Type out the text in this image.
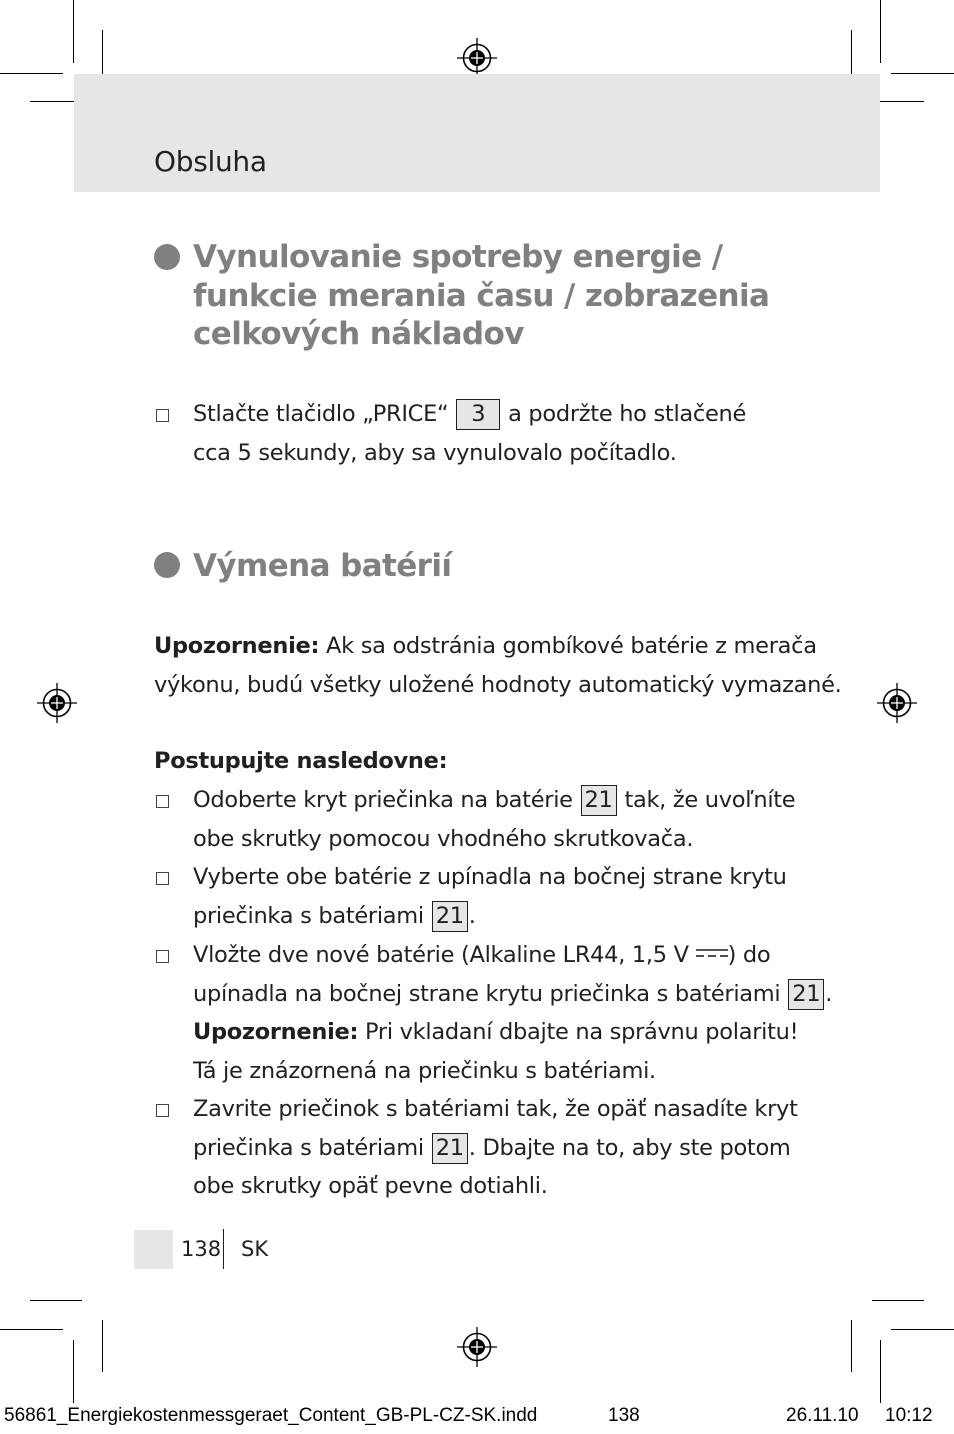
Obsluha
Vynulovanie spotreby energie /
funkcie merania času / zobrazenia
celkových nákladov
Stlačte tlačidlo „PRICE“ 3 a podržte ho stlačené
cca 5 sekundy, aby sa vynulovalo počítadlo.
Výmena batérií
Upozornenie: Ak sa odstránia gombíkové batérie z merača
výkonu, budú všetky uložené hodnoty automatický vymazané.
Postupujte nasledovne:
Odoberte kryt priečinka na batérie 21 tak, že uvoľníte
obe skrutky pomocou vhodného skrutkovača.
Vyberte obe batérie z upínadla na bočnej strane krytu
priečinka s batériami 21 .
Vložte dve nové batérie (Alkaline LR44, 1,5 V ) do
upínadla na bočnej strane krytu priečinka s batériami 21 .
Upozornenie: Pri vkladaní dbajte na správnu polaritu!
Tá je znázornená na priečinku s batériami.
Zavrite priečinok s batériami tak, že opäť nasadíte kryt
priečinka s batériami 21 . Dbajte na to, aby ste potom
obe skrutky opäť pevne dotiahli.
138 SK
56861_Energiekostenmessgeraet_Content_GB-PL-CZ-SK.indd	138	26.11.10 10:12
